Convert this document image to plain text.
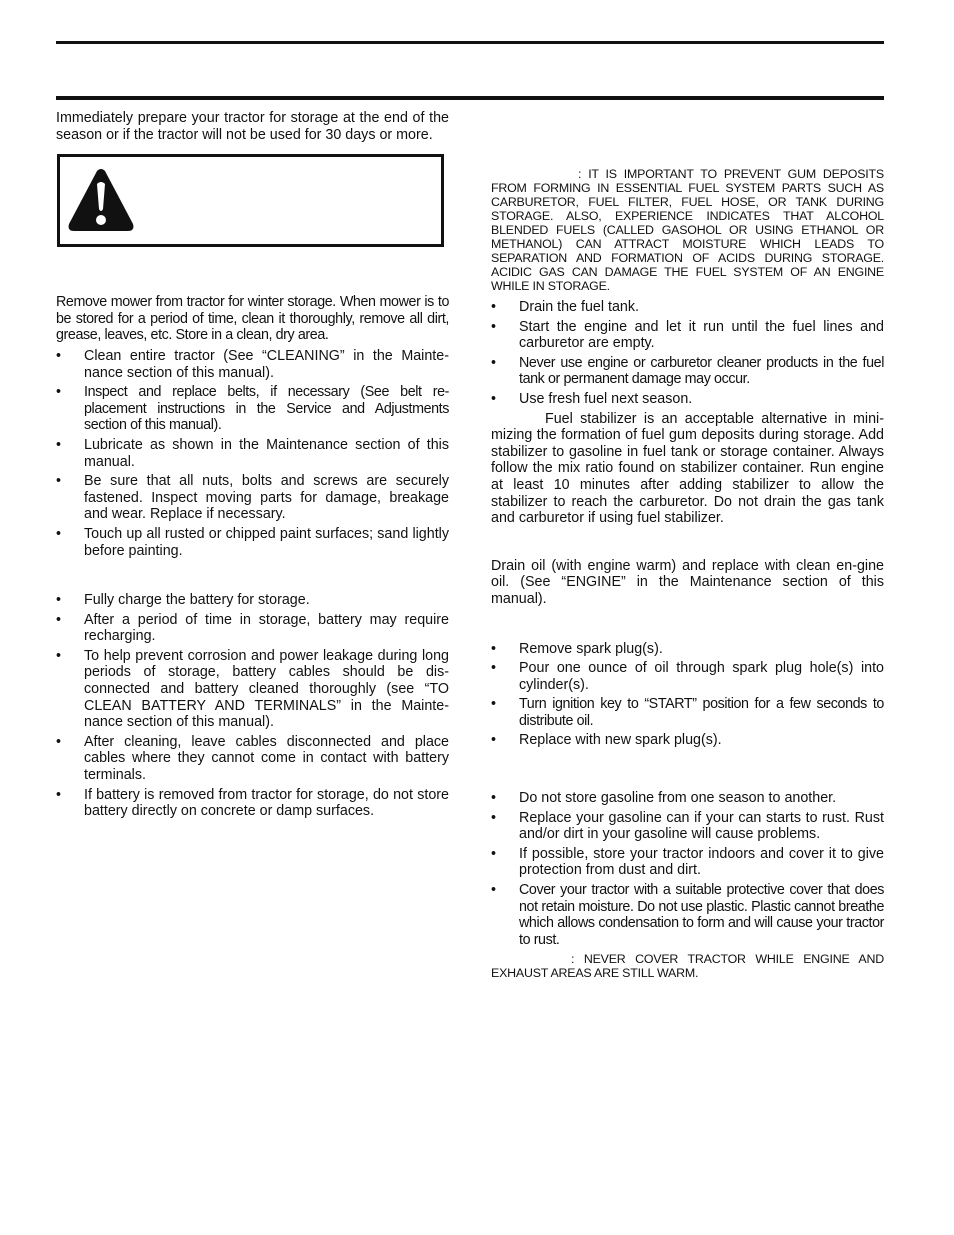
Immediately prepare your tractor for storage at the end of the season or if the tractor will not be used for 30 days or more.

Remove mower from tractor for winter storage. When mower is to be stored for a period of time, clean it thoroughly, remove all dirt, grease, leaves, etc. Store in a clean, dry area.

• Clean entire tractor (See “CLEANING” in the Mainte-nance section of this manual).
• Inspect and replace belts, if necessary (See belt re-placement instructions in the Service and Adjustments section of this manual).
• Lubricate as shown in the Maintenance section of this manual.
• Be sure that all nuts, bolts and screws are securely fastened. Inspect moving parts for damage, breakage and wear. Replace if necessary.
• Touch up all rusted or chipped paint surfaces; sand lightly before painting.
• Fully charge the battery for storage.
• After a period of time in storage, battery may require recharging.
• To help prevent corrosion and power leakage during long periods of storage, battery cables should be dis-connected and battery cleaned thoroughly (see “TO CLEAN BATTERY AND TERMINALS” in the Mainte-nance section of this manual).
• After cleaning, leave cables disconnected and place cables where they cannot come in contact with battery terminals.
• If battery is removed from tractor for storage, do not store battery directly on concrete or damp surfaces.

: IT IS IMPORTANT TO PREVENT GUM DEPOSITS FROM FORMING IN ESSENTIAL FUEL SYSTEM PARTS SUCH AS CARBURETOR, FUEL FILTER, FUEL HOSE, OR TANK DURING STORAGE. ALSO, EXPERIENCE INDICATES THAT ALCOHOL BLENDED FUELS (CALLED GASOHOL OR USING ETHANOL OR METHANOL) CAN ATTRACT MOISTURE WHICH LEADS TO SEPARATION AND FORMATION OF ACIDS DURING STORAGE. ACIDIC GAS CAN DAMAGE THE FUEL SYSTEM OF AN ENGINE WHILE IN STORAGE.

• Drain the fuel tank.
• Start the engine and let it run until the fuel lines and carburetor are empty.
• Never use engine or carburetor cleaner products in the fuel tank or permanent damage may occur.
• Use fresh fuel next season.

Fuel stabilizer is an acceptable alternative in mini-mizing the formation of fuel gum deposits during storage. Add stabilizer to gasoline in fuel tank or storage container. Always follow the mix ratio found on stabilizer container. Run engine at least 10 minutes after adding stabilizer to allow the stabilizer to reach the carburetor. Do not drain the gas tank and carburetor if using fuel stabilizer.

Drain oil (with engine warm) and replace with clean en-gine oil. (See “ENGINE” in the Maintenance section of this manual).

• Remove spark plug(s).
• Pour one ounce of oil through spark plug hole(s) into cylinder(s).
• Turn ignition key to “START” position for a few seconds to distribute oil.
• Replace with new spark plug(s).
• Do not store gasoline from one season to another.
• Replace your gasoline can if your can starts to rust. Rust and/or dirt in your gasoline will cause problems.
• If possible, store your tractor indoors and cover it to give protection from dust and dirt.
• Cover your tractor with a suitable protective cover that does not retain moisture. Do not use plastic. Plastic cannot breathe which allows condensation to form and will cause your tractor to rust.

: NEVER COVER TRACTOR WHILE ENGINE AND EXHAUST AREAS ARE STILL WARM.
